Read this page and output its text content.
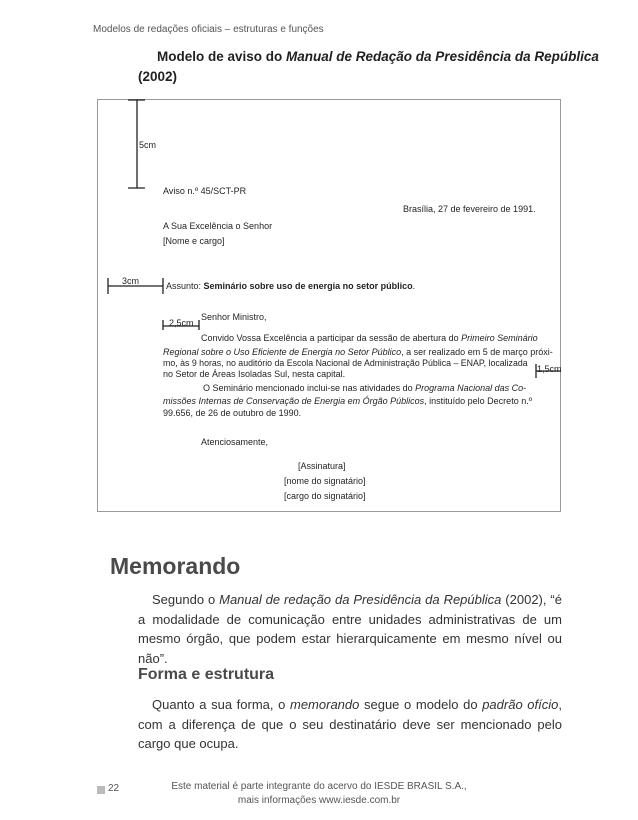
Modelos de redações oficiais – estruturas e funções
Modelo de aviso do Manual de Redação da Presidência da República
(2002)
5cm
3cm
2,5cm
1,5cm
Aviso n.º 45/SCT-PR
Brasília, 27 de fevereiro de 1991.
A Sua Excelência o Senhor
[Nome e cargo]
Assunto: Seminário sobre uso de energia no setor público.
Senhor Ministro,
Convido Vossa Excelência a participar da sessão de abertura do Primeiro Seminário
Regional sobre o Uso Eficiente de Energia no Setor Público, a ser realizado em 5 de março próxi-
mo, às 9 horas, no auditório da Escola Nacional de Administração Pública – ENAP, localizada
no Setor de Áreas Isoladas Sul, nesta capital.
O Seminário mencionado inclui-se nas atividades do Programa Nacional das Co-
missões Internas de Conservação de Energia em Órgão Públicos, instituído pelo Decreto n.º
99.656, de 26 de outubro de 1990.
Atenciosamente,
[Assinatura]
[nome do signatário]
[cargo do signatário]
Memorando
Segundo o Manual de redação da Presidência da República (2002), “é a modalidade de comunicação entre unidades administrativas de um mesmo órgão, que podem estar hierarquicamente em mesmo nível ou não”.
Forma e estrutura
Quanto a sua forma, o memorando segue o modelo do padrão ofício, com a diferença de que o seu destinatário deve ser mencionado pelo cargo que ocupa.
22	Este material é parte integrante do acervo do IESDE BRASIL S.A.,
mais informações www.iesde.com.br
